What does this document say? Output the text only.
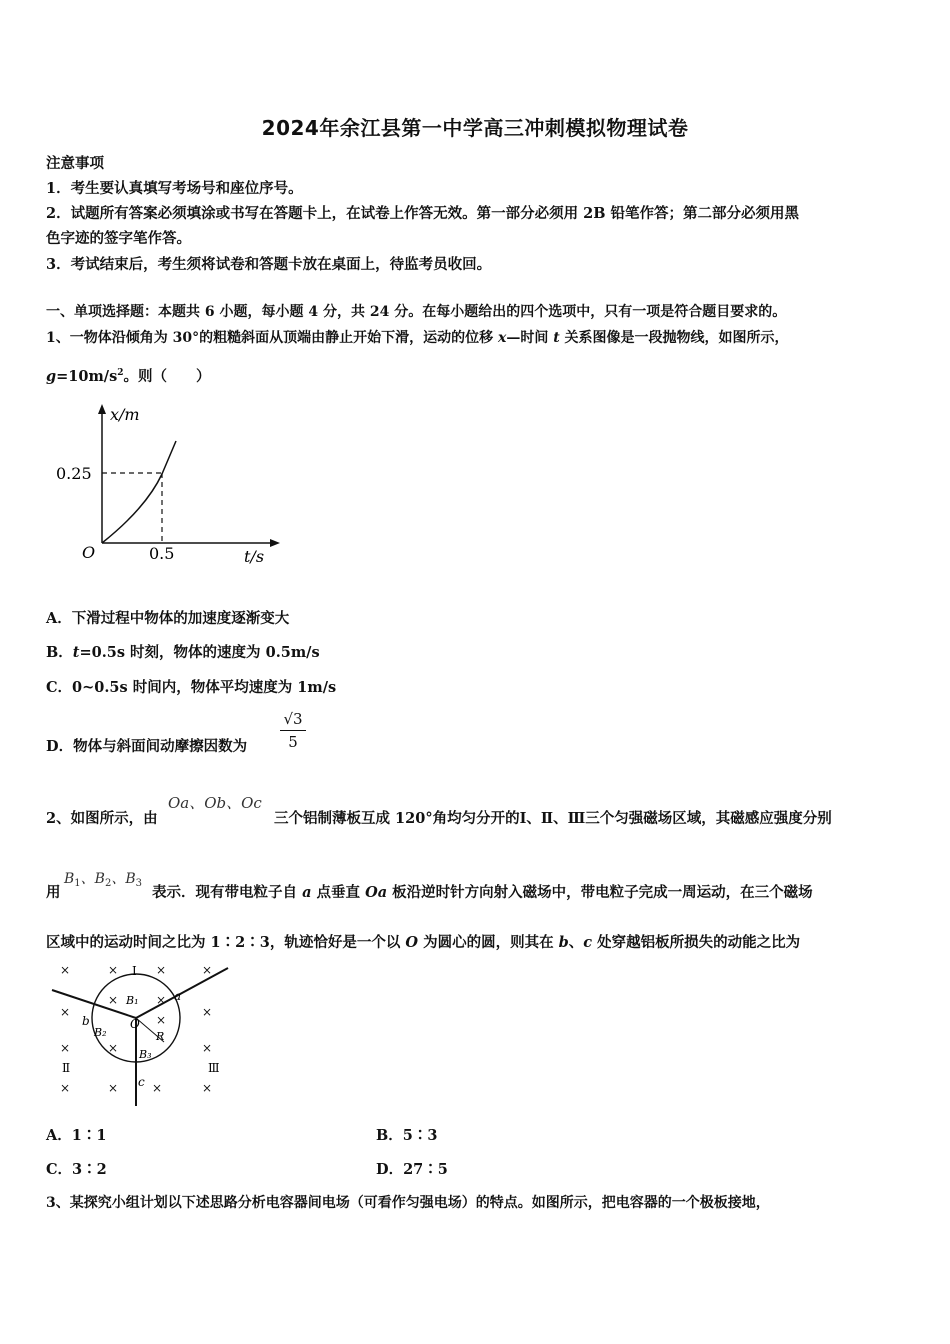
2024年余江县第一中学高三冲刺模拟物理试卷
注意事项
1．考生要认真填写考场号和座位序号。
2．试题所有答案必须填涂或书写在答题卡上，在试卷上作答无效。第一部分必须用 2B 铅笔作答；第二部分必须用黑
色字迹的签字笔作答。
3．考试结束后，考生须将试卷和答题卡放在桌面上，待监考员收回。
一、单项选择题：本题共 6 小题，每小题 4 分，共 24 分。在每小题给出的四个选项中，只有一项是符合题目要求的。
1、一物体沿倾角为 30°的粗糙斜面从顶端由静止开始下滑，运动的位移 x—时间 t 关系图像是一段抛物线，如图所示，
$g=10m/s^2$。则（　　）
x/m
0.25
O	0.5	t/s
A．下滑过程中物体的加速度逐渐变大
B．t=0.5s 时刻，物体的速度为 0.5m/s
C．0~0.5s 时间内，物体平均速度为 1m/s
D．物体与斜面间动摩擦因数为 $\frac{√3}{5}$
Oa、Ob、Oc
2、如图所示，由	三个铝制薄板互成 120°角均匀分开的Ⅰ、Ⅱ、Ⅲ三个匀强磁场区域，其磁感应强度分别
用
$B_1$、$B_2$、$B_3$
表示．现有带电粒子自 a 点垂直 Oa 板沿逆时针方向射入磁场中，带电粒子完成一周运动，在三个磁场
区域中的运动时间之比为 1∶2∶3，轨迹恰好是一个以 O 为圆心的圆，则其在 b、c 处穿越铝板所损失的动能之比为
×	×	×	×
×
×	×
×
×	×
×
×
×	×	×	×
Ⅰ
Ⅱ	Ⅲ
B₁
B₂
B₃
O
R
a
b
c
A．1∶1	B．5∶3
C．3∶2	D．27∶5
3、某探究小组计划以下述思路分析电容器间电场（可看作匀强电场）的特点。如图所示，把电容器的一个极板接地，
